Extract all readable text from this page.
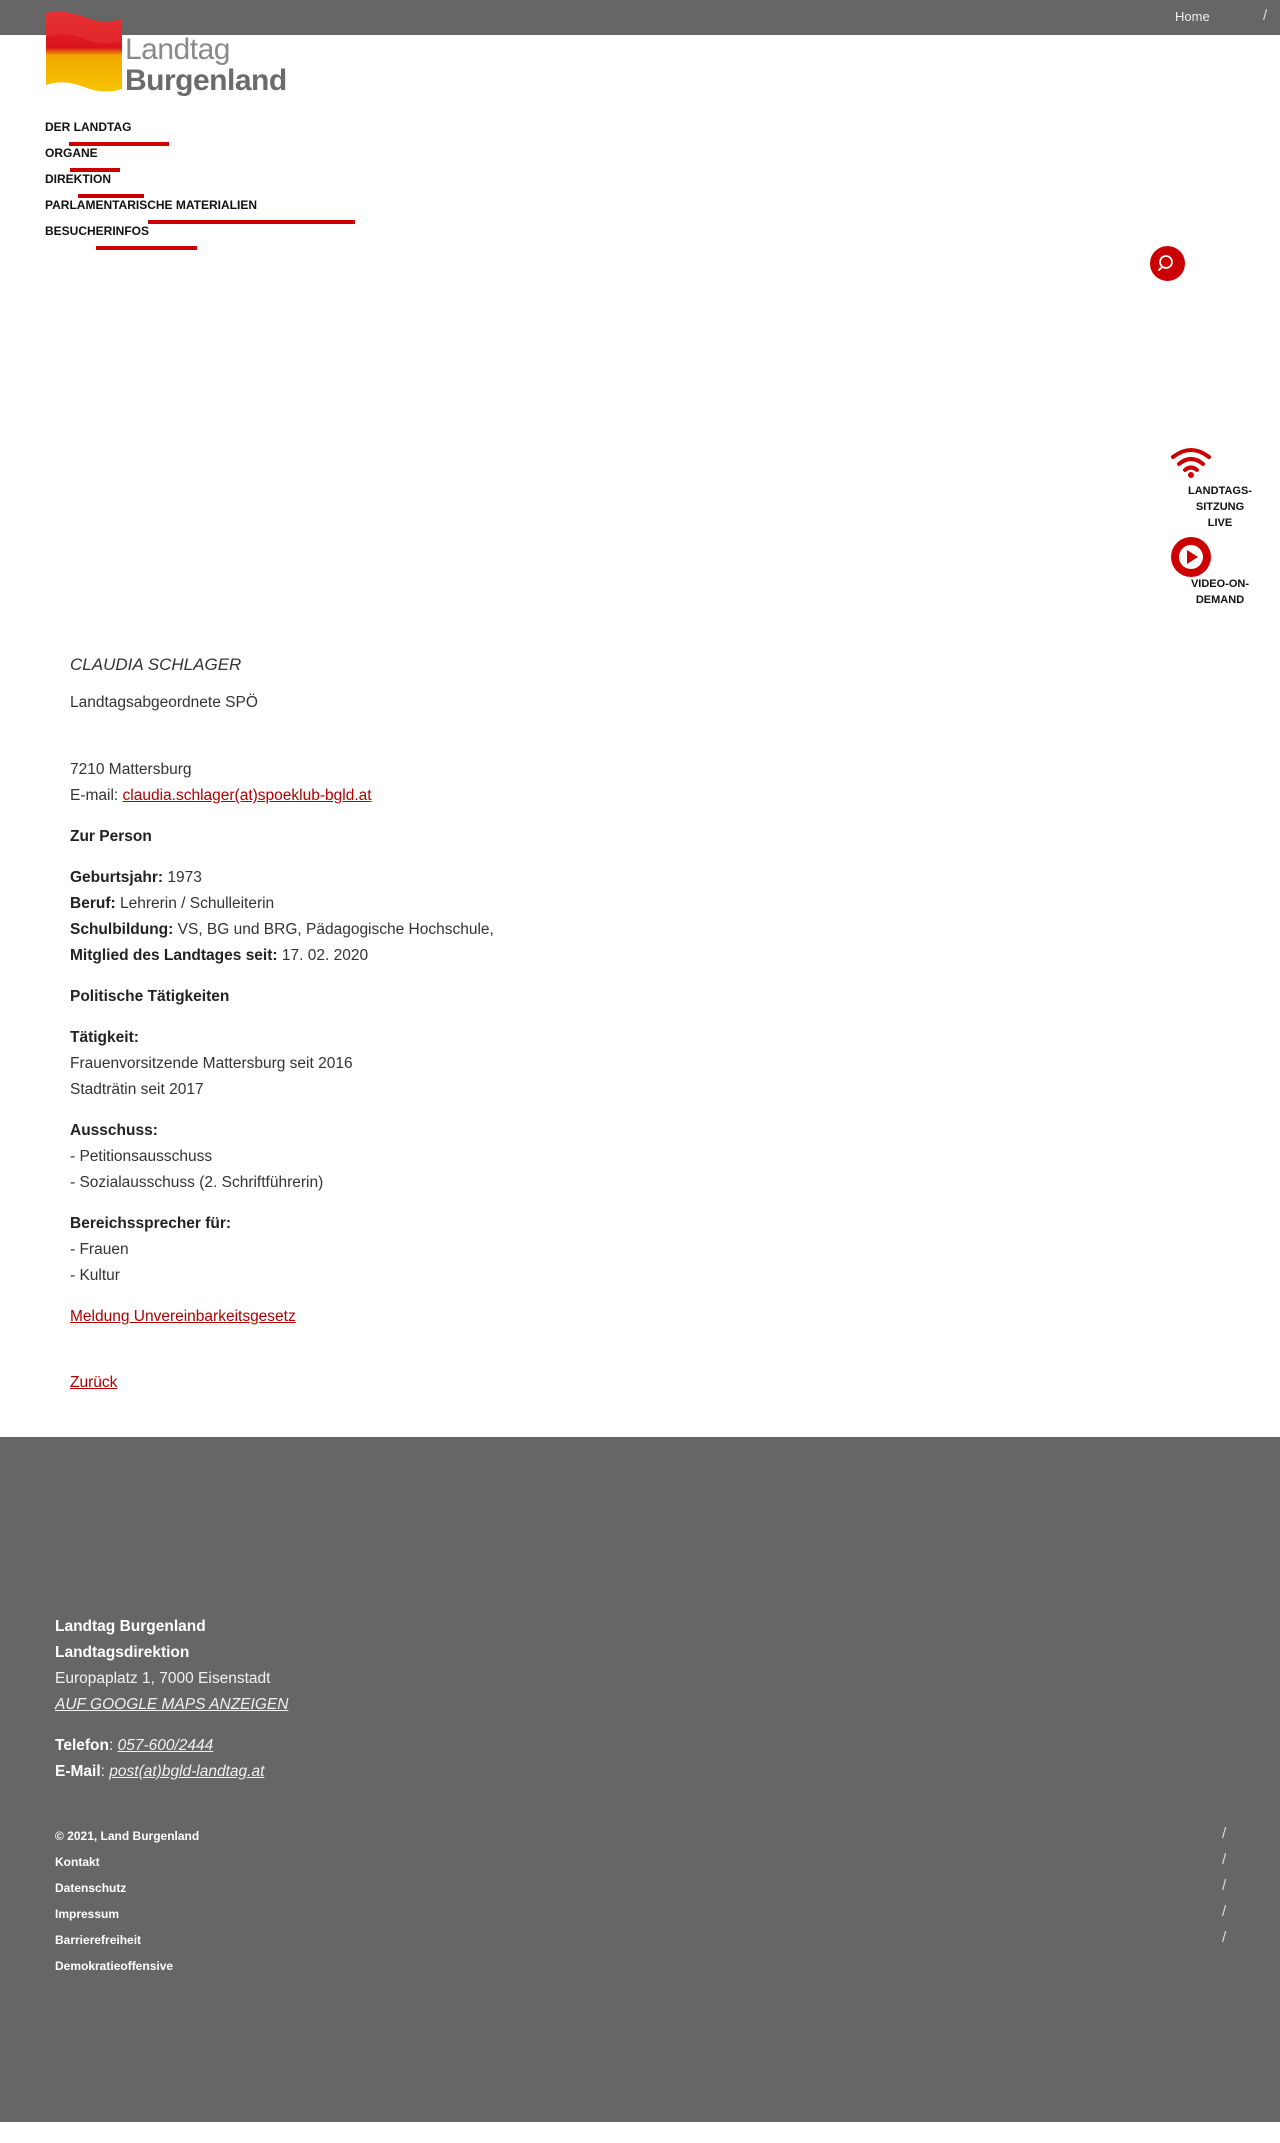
Home	/
Landtag
Burgenland
DER LANDTAG
ORGANE
DIREKTION
PARLAMENTARISCHE MATERIALIEN
BESUCHERINFOS
LANDTAGS-
SITZUNG LIVE
VIDEO-ON-
DEMAND

CLAUDIA SCHLAGER

Landtagsabgeordnete SPÖ

7210 Mattersburg

E-mail: claudia.schlager(at)spoeklub-bgld.at

Zur Person

Geburtsjahr: 1973

Beruf: Lehrerin / Schulleiterin

Schulbildung: VS, BG und BRG, Pädagogische Hochschule,

Mitglied des Landtages seit: 17. 02. 2020

Politische Tätigkeiten

Tätigkeit:

Frauenvorsitzende Mattersburg seit 2016

Stadträtin seit 2017

Ausschuss:

- Petitionsausschuss

- Sozialausschuss (2. Schriftführerin)

Bereichssprecher für:

- Frauen

- Kultur

Meldung Unvereinbarkeitsgesetz

Zurück

Landtag Burgenland

Landtagsdirektion

Europaplatz 1, 7000 Eisenstadt

AUF GOOGLE MAPS ANZEIGEN

Telefon: 057-600/2444

E-Mail: post(at)bgld-landtag.at

© 2021, Land Burgenland
Kontakt
Datenschutz
Impressum
Barrierefreiheit
Demokratieoffensive
/
/
/
/
/
